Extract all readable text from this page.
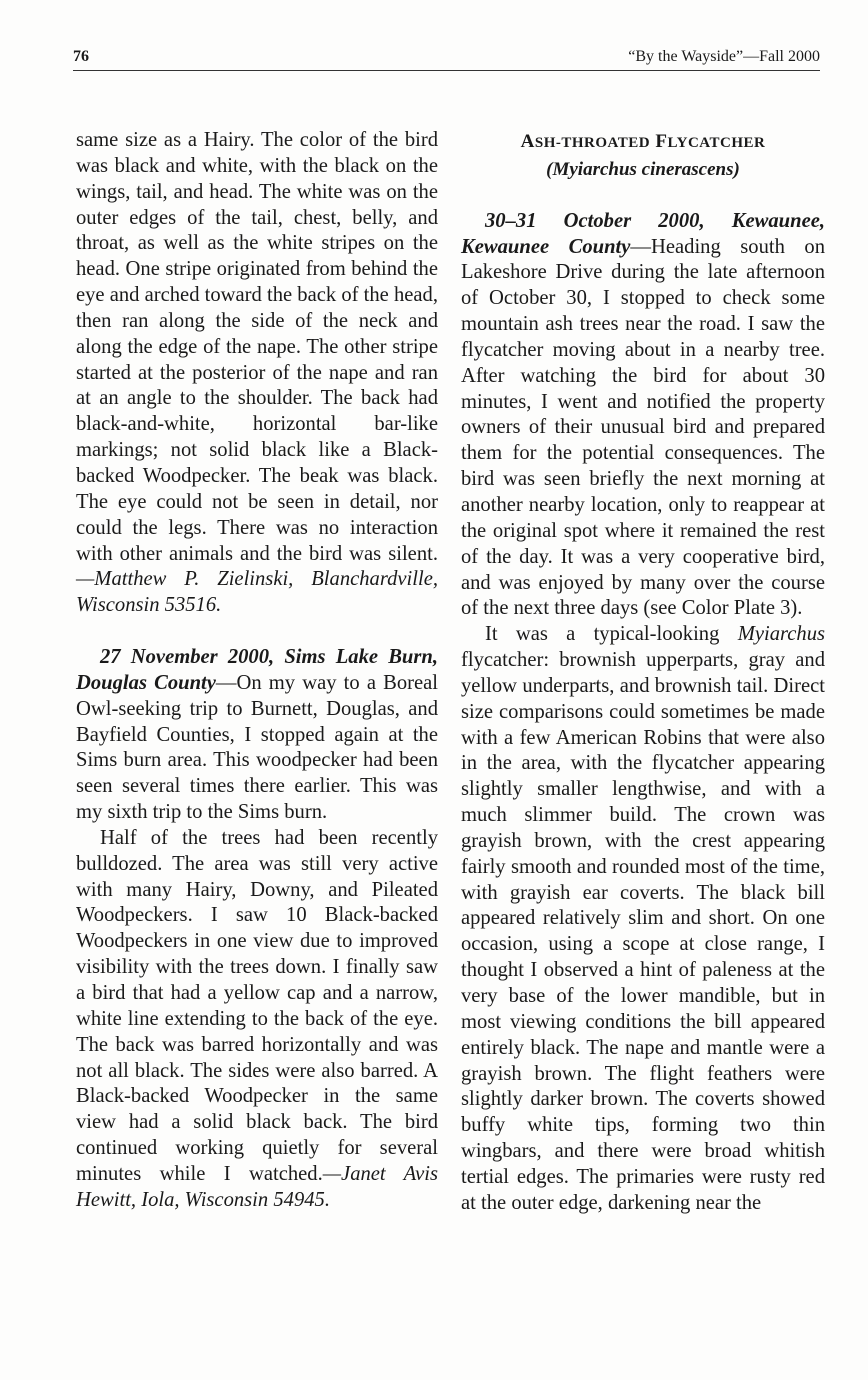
76	“By the Wayside”—Fall 2000

same size as a Hairy. The color of the bird was black and white, with the black on the wings, tail, and head. The white was on the outer edges of the tail, chest, belly, and throat, as well as the white stripes on the head. One stripe originated from behind the eye and arched toward the back of the head, then ran along the side of the neck and along the edge of the nape. The other stripe started at the posterior of the nape and ran at an angle to the shoulder. The back had black-and-white, horizontal bar-like markings; not solid black like a Black-backed Woodpecker. The beak was black. The eye could not be seen in detail, nor could the legs. There was no interaction with other animals and the bird was silent.—Matthew P. Zielinski, Blanchardville, Wisconsin 53516.

27 November 2000, Sims Lake Burn, Douglas County—On my way to a Boreal Owl-seeking trip to Burnett, Douglas, and Bayfield Counties, I stopped again at the Sims burn area. This woodpecker had been seen several times there earlier. This was my sixth trip to the Sims burn.

Half of the trees had been recently bulldozed. The area was still very active with many Hairy, Downy, and Pileated Woodpeckers. I saw 10 Black-backed Woodpeckers in one view due to improved visibility with the trees down. I finally saw a bird that had a yellow cap and a narrow, white line extending to the back of the eye. The back was barred horizontally and was not all black. The sides were also barred. A Black-backed Woodpecker in the same view had a solid black back. The bird continued working quietly for several minutes while I watched.—Janet Avis Hewitt, Iola, Wisconsin 54945.

ASH-THROATED FLYCATCHER

(Myiarchus cinerascens)

30–31 October 2000, Kewaunee, Kewaunee County—Heading south on Lakeshore Drive during the late afternoon of October 30, I stopped to check some mountain ash trees near the road. I saw the flycatcher moving about in a nearby tree. After watching the bird for about 30 minutes, I went and notified the property owners of their unusual bird and prepared them for the potential consequences. The bird was seen briefly the next morning at another nearby location, only to reappear at the original spot where it remained the rest of the day. It was a very cooperative bird, and was enjoyed by many over the course of the next three days (see Color Plate 3).

It was a typical-looking Myiarchus flycatcher: brownish upperparts, gray and yellow underparts, and brownish tail. Direct size comparisons could sometimes be made with a few American Robins that were also in the area, with the flycatcher appearing slightly smaller lengthwise, and with a much slimmer build. The crown was grayish brown, with the crest appearing fairly smooth and rounded most of the time, with grayish ear coverts. The black bill appeared relatively slim and short. On one occasion, using a scope at close range, I thought I observed a hint of paleness at the very base of the lower mandible, but in most viewing conditions the bill appeared entirely black. The nape and mantle were a grayish brown. The flight feathers were slightly darker brown. The coverts showed buffy white tips, forming two thin wingbars, and there were broad whitish tertial edges. The primaries were rusty red at the outer edge, darkening near the
